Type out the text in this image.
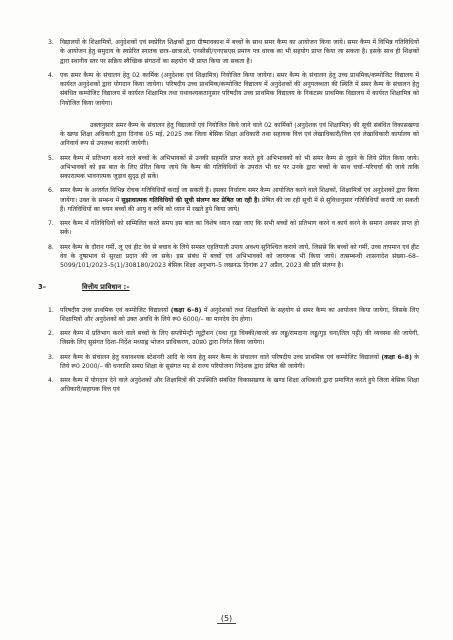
3. विद्यालयों के शिक्षामित्रों, अनुदेशकों एवं स्वप्रेरित शिक्षकों द्वारा ग्रीष्मावकाश में बच्चों के साथ समर कैम्प का आयोजन किया जाये। समर कैम्प में विभिन्न गतिविधियों के आयोजन हेतु समुदाय के स्वप्रेरित स्नातक छात्र–छात्राओं, एनसीसी/एनएसएस प्रमाण पत्र धारक का भी सहयोग प्राप्त किया जा सकता है। इसके साथ ही शिक्षकों द्वारा स्थानीय स्तर पर सक्रिय स्वैच्छिक संगठनों का सहयोग भी प्राप्त किया जा सकता है।
4. एक समर कैम्प के संचालन हेतु 02 कार्मिक (अनुदेशक एवं शिक्षामित्र) नियोजित किया जायेगा। समर कैम्प के संचालन हेतु उच्च प्राथमिक/कम्पोजिट विद्यालय में कार्यरत अनुदेशकों द्वारा योगदान किया जायेगा। परिषदीय उच्च प्राथमिक/कम्पोजिट विद्यालय में अनुदेशकों की अनुपलब्धता की स्थिति में समर कैम्प के संचालन हेतु संबंधित कम्पोजिट विद्यालय में कार्यरत शिक्षामित्र तथा यथावश्यकतानुसार परिषदीय उच्च प्राथमिक विद्यालय के निकटस्थ प्राथमिक विद्यालय में कार्यरत शिक्षामित्र को नियोजित किया जायेगा।
उक्तानुसार समर कैम्प के संचालन हेतु विद्यालयों एवं नियोजित किये जाने वाले 02 कार्मिकों (अनुदेशक एवं शिक्षामित्र) की सूची संबंधित विकासखण्ड के खण्ड शिक्षा अधिकारी द्वारा दिनांक 05 मई, 2025 तक जिला बेसिक शिक्षा अधिकारी तथा सहायक वित्त एवं लेखाधिकारी/वित्त एवं लेखाधिकारी कार्यालय को अनिवार्य रूप से उपलब्ध करायी जायेगी।
5. समर कैम्प में प्रतिभाग करने वाले बच्चों के अभिभावकों से उनकी सहमति प्राप्त करते हुये अभिभावकों को भी समर कैम्प से जुड़ने के लिये प्रेरित किया जाये। अभिभावकों को इस बात के लिए प्रेरित किया जाये कि कैम्प की गतिविधियों के उपरांत भी घर पर उनके द्वारा बच्चों के साथ चर्चा–परिचर्चा की जाये ताकि सकारात्मक भावनात्मक जुड़ाव सुदृढ़ हो सकें।
6. समर कैम्प के अन्तर्गत विभिन्न रोचक गतिविधियाँ कराई जा सकती हैं। इसका निर्धारण समर कैम्प आयोजित करने वाले शिक्षकों, शिक्षामित्रों एवं अनुदेशकों द्वारा किया जायेगा। उक्त के सम्बन्ध में सुझावात्मक गतिविधियों की सूची संलग्न कर प्रेषित जा रही है। प्रेषित की जा रही सूची में से सुविधानुसार गतिविधियाँ करायी जा सकती हैं। गतिविधियों का चयन बच्चों की आयु व रूचि को ध्यान में रखते हुये किया जाये।
7. समर कैम्प में गतिविधियों को सम्मिलित करते समय इस बात का विशेष ध्यान रखा जाए कि सभी बच्चों को प्रतिभाग करने व कार्य करने के समान अवसर प्राप्त हो सकें।
8. समर कैम्प के दौरान गर्मी, लू एवं हीट वेव से बचाव के लिये समस्त एहतियाती उपाय अवश्य सुनिश्चित कराये जायें, जिससे कि बच्चों को गर्मी, उच्च तापमान एवं हीट वेव के दुष्प्रभाव से सुरक्षा प्रदान की जा सके। इस संबंध में बच्चों एवं अभिभावकों को जागरूक भी किया जाये। तत्सम्बन्धी शासनादेश संख्या–68–5099/101/2023–5(1)/308180/2023 बेसिक शिक्षा अनुभाग–5 लखनऊ दिनांक 27 अप्रैल, 2023 की प्रति संलग्न है।
3–	वित्तीय प्राविधान :–
1. परिषदीय उच्च प्राथमिक एवं कम्पोजिट विद्यालयों (कक्षा 6–8) में अनुदेशकों तथा शिक्षामित्रों के सहयोग से समर कैम्प का आयोजन किया जायेगा, जिसके लिए शिक्षामित्रों और अनुदेशकों को उक्त अवधि के लिये रू0 6000/– का मानदेय देय होगा।
2. समर कैम्प में प्रतिभाग करने वाले बच्चों के लिए सप्लीमेन्ट्री न्यूट्रीशन (यथा गुड़ चिक्की/बाजरे का लड्डू/रामदाना लड्डू/गुड़ चना/तिल पट्टी) की व्यवस्था की जायेगी, जिसके लिए सुसंगत दिशा–निर्देश मध्याह्न भोजन प्राधिकरण, उ0प्र0 द्वारा निर्गत किया जायेगा।
3. समर कैम्प के संचालन हेतु यथावश्यक स्टेशनरी आदि के व्यय हेतु समर कैम्प के संचालन वाले परिषदीय उच्च प्राथमिक एवं कम्पोजिट विद्यालयों (कक्षा 6–8) के लिये रू0 2000/– की धनराशि समग्र शिक्षा के सुसंगत मद से राज्य परियोजना निदेशक द्वारा प्रेषित की जायेगी।
4. समर कैम्प में योगदान देने वाले अनुदेशकों और शिक्षामित्रों की उपस्थिति संबंधित विकासखण्ड के खण्ड शिक्षा अधिकारी द्वारा प्रमाणित करते हुये जिला बेसिक शिक्षा अधिकारी/सहायक वित्त एवं
(5)
